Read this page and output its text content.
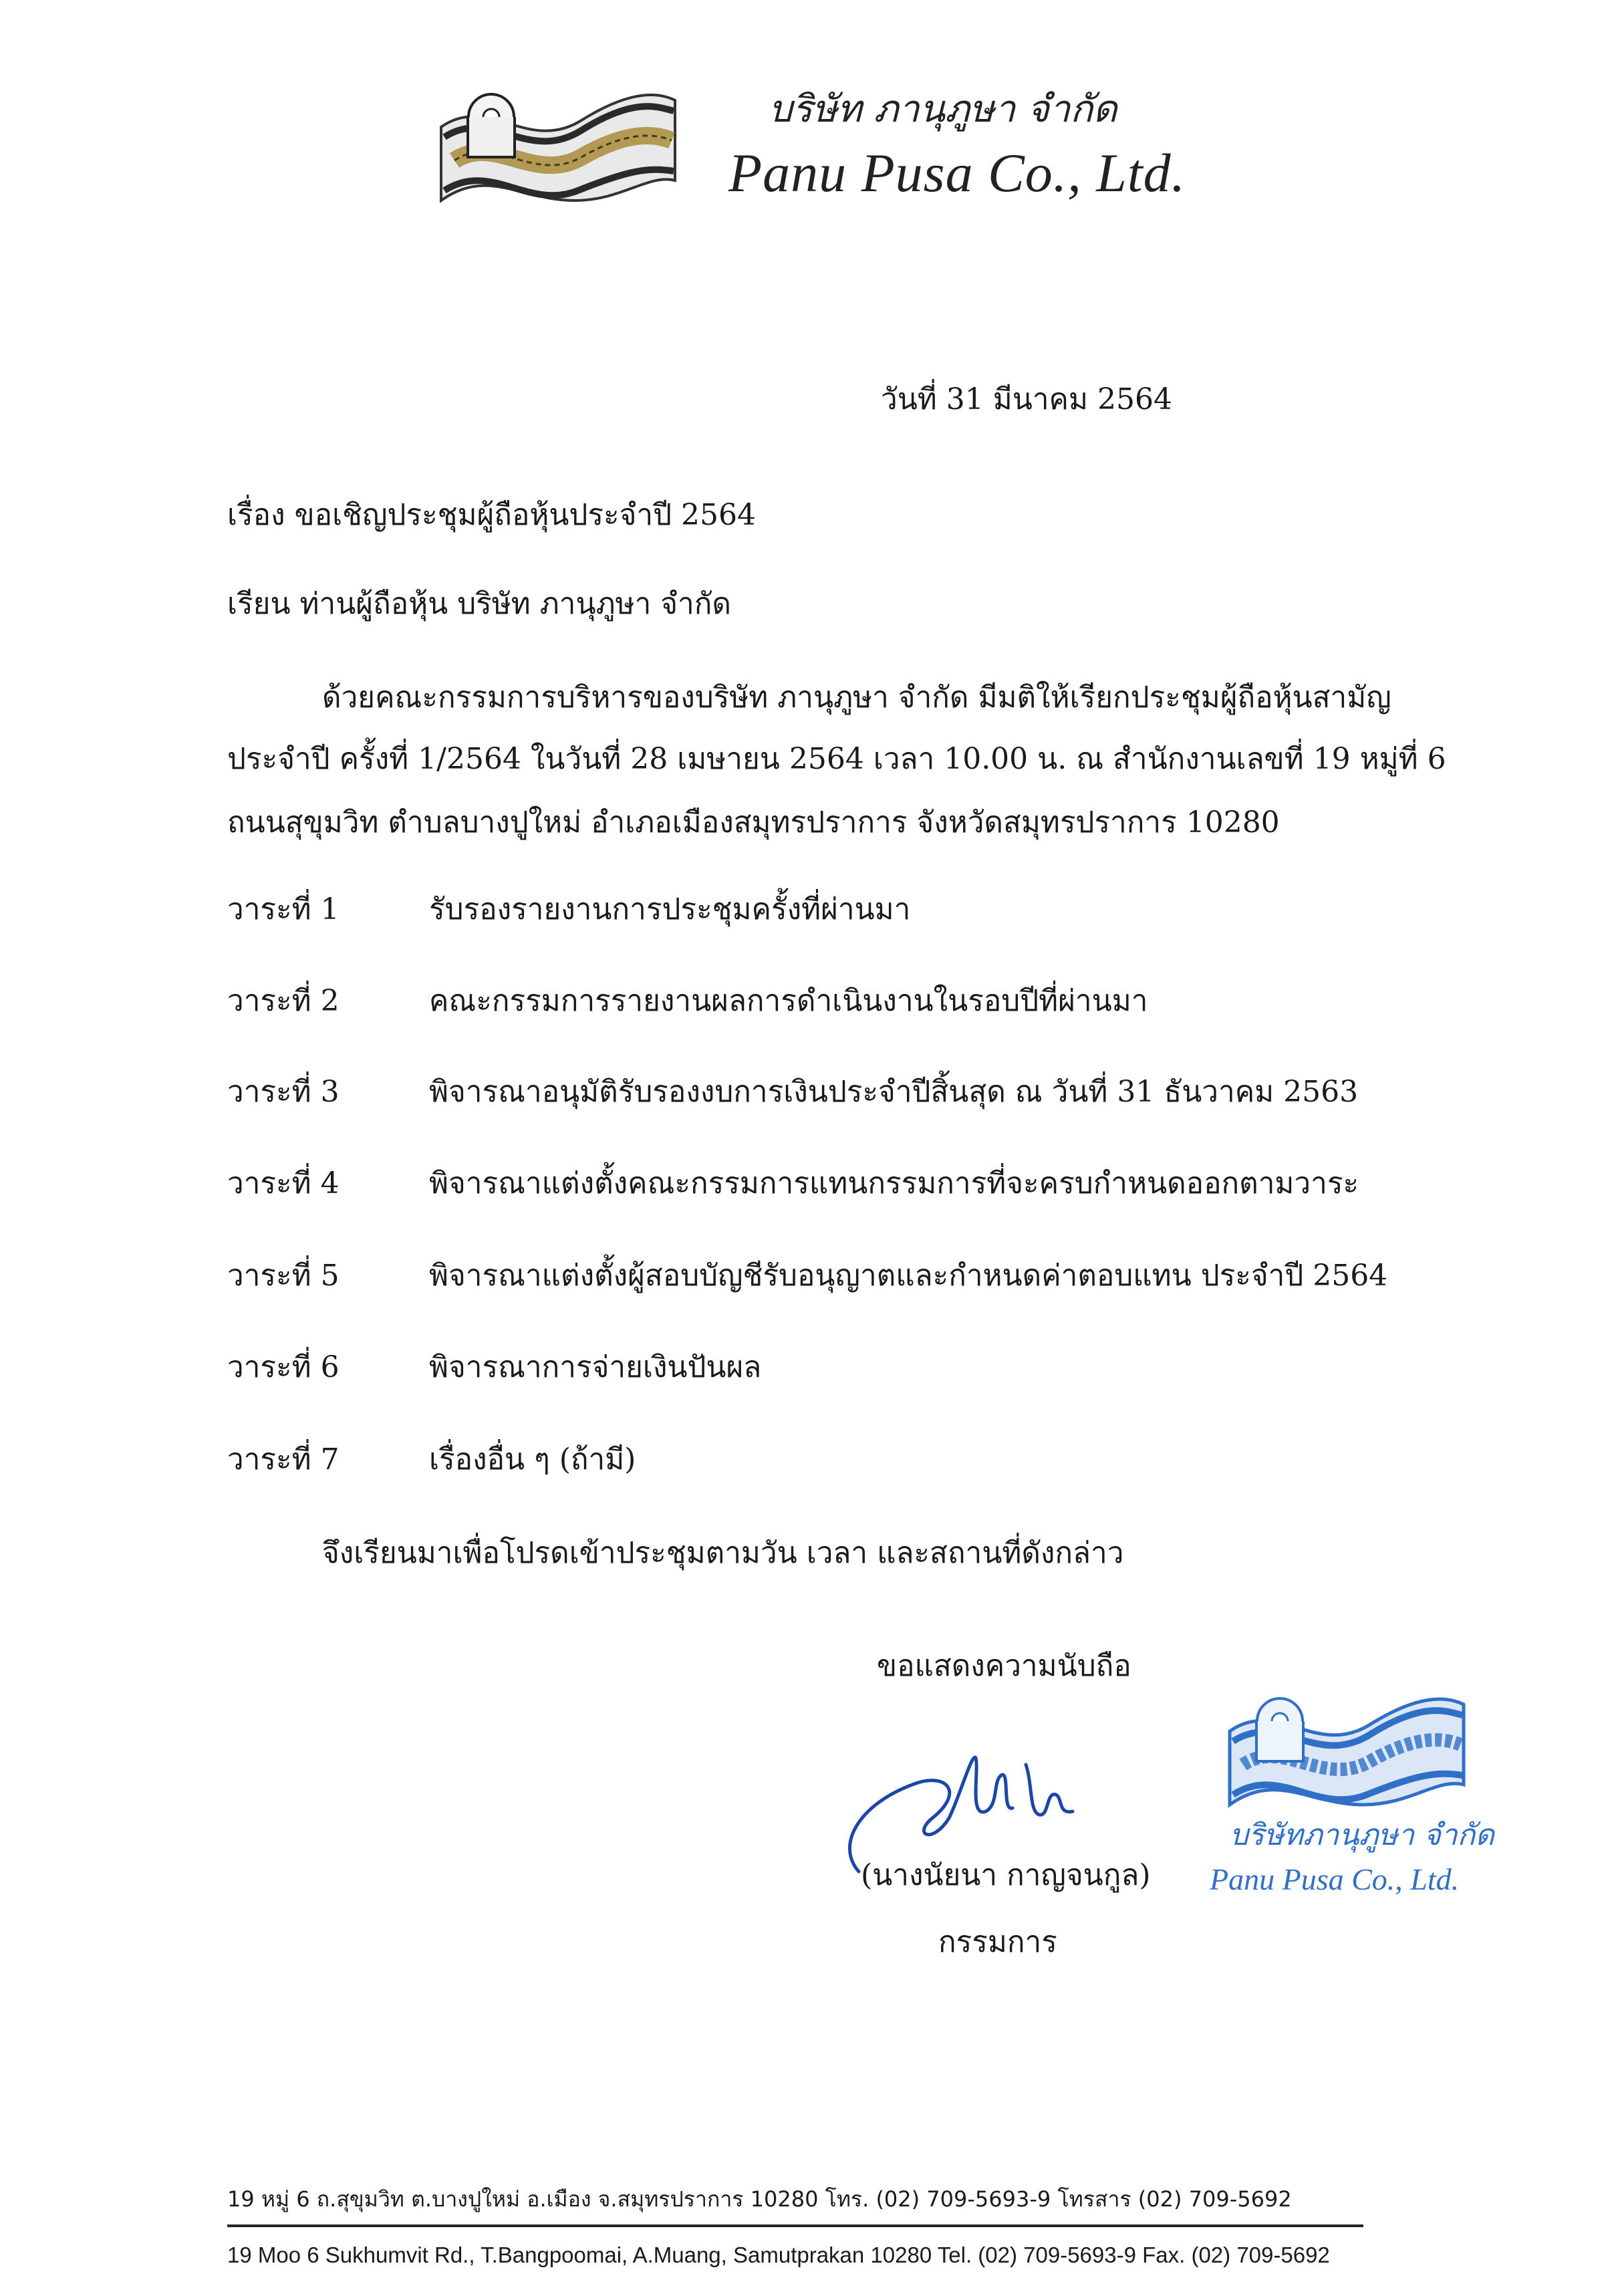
บริษัท ภานุภูษา จำกัด
Panu Pusa Co., Ltd.
วันที่ 31 มีนาคม 2564
เรื่อง ขอเชิญประชุมผู้ถือหุ้นประจำปี 2564
เรียน ท่านผู้ถือหุ้น บริษัท ภานุภูษา จำกัด
ด้วยคณะกรรมการบริหารของบริษัท ภานุภูษา จำกัด มีมติให้เรียกประชุมผู้ถือหุ้นสามัญ
ประจำปี ครั้งที่ 1/2564 ในวันที่ 28 เมษายน 2564 เวลา 10.00 น. ณ สำนักงานเลขที่ 19 หมู่ที่ 6
ถนนสุขุมวิท ตำบลบางปูใหม่ อำเภอเมืองสมุทรปราการ จังหวัดสมุทรปราการ 10280
วาระที่ 1	รับรองรายงานการประชุมครั้งที่ผ่านมา
วาระที่ 2	คณะกรรมการรายงานผลการดำเนินงานในรอบปีที่ผ่านมา
วาระที่ 3	พิจารณาอนุมัติรับรองงบการเงินประจำปีสิ้นสุด ณ วันที่ 31 ธันวาคม 2563
วาระที่ 4	พิจารณาแต่งตั้งคณะกรรมการแทนกรรมการที่จะครบกำหนดออกตามวาระ
วาระที่ 5	พิจารณาแต่งตั้งผู้สอบบัญชีรับอนุญาตและกำหนดค่าตอบแทน ประจำปี 2564
วาระที่ 6	พิจารณาการจ่ายเงินปันผล
วาระที่ 7	เรื่องอื่น ๆ (ถ้ามี)
จึงเรียนมาเพื่อโปรดเข้าประชุมตามวัน เวลา และสถานที่ดังกล่าว
ขอแสดงความนับถือ
(นางนัยนา กาญจนกูล)
กรรมการ
บริษัทภานุภูษา จำกัด
Panu Pusa Co., Ltd.
19 หมู่ 6 ถ.สุขุมวิท ต.บางปูใหม่ อ.เมือง จ.สมุทรปราการ 10280 โทร. (02) 709-5693-9 โทรสาร (02) 709-5692
19 Moo 6 Sukhumvit Rd., T.Bangpoomai, A.Muang, Samutprakan 10280 Tel. (02) 709-5693-9 Fax. (02) 709-5692
